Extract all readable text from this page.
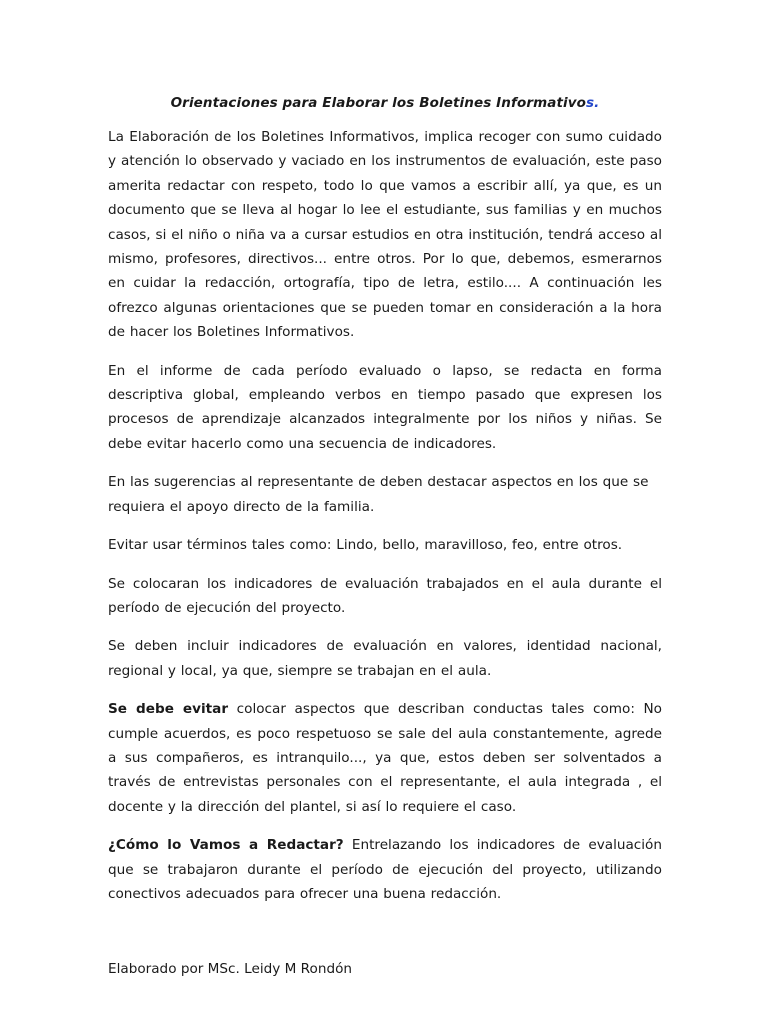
Orientaciones para Elaborar los Boletines Informativos.

La Elaboración de los Boletines Informativos, implica recoger con sumo cuidado y atención lo observado y vaciado en los instrumentos de evaluación, este paso amerita redactar con respeto, todo lo que vamos a escribir allí, ya que, es un documento que se lleva al hogar lo lee el estudiante, sus familias y en muchos casos, si el niño o niña va a cursar estudios en otra institución, tendrá acceso al mismo, profesores, directivos... entre otros. Por lo que, debemos, esmerarnos en cuidar la redacción, ortografía, tipo de letra, estilo.... A continuación les ofrezco algunas orientaciones que se pueden tomar en consideración a la hora de hacer los Boletines Informativos.

En el informe de cada período evaluado o lapso, se redacta en forma descriptiva global, empleando verbos en tiempo pasado que expresen los procesos de aprendizaje alcanzados integralmente por los niños y niñas. Se debe evitar hacerlo como una secuencia de indicadores.

En las sugerencias al representante de deben destacar aspectos en los que se requiera el apoyo directo de la familia.

Evitar usar términos tales como: Lindo, bello, maravilloso, feo, entre otros.

Se colocaran los indicadores de evaluación trabajados en el aula durante el período de ejecución del proyecto.

Se deben incluir indicadores de evaluación en valores, identidad nacional, regional y local, ya que, siempre se trabajan en el aula.

Se debe evitar colocar aspectos que describan conductas tales como: No cumple acuerdos, es poco respetuoso se sale del aula constantemente, agrede a sus compañeros, es intranquilo..., ya que, estos deben ser solventados a través de entrevistas personales con el representante, el aula integrada , el docente y la dirección del plantel, si así lo requiere el caso.

¿Cómo lo Vamos a Redactar? Entrelazando los indicadores de evaluación que se trabajaron durante el período de ejecución del proyecto, utilizando conectivos adecuados para ofrecer una buena redacción.

Elaborado por MSc. Leidy M Rondón
